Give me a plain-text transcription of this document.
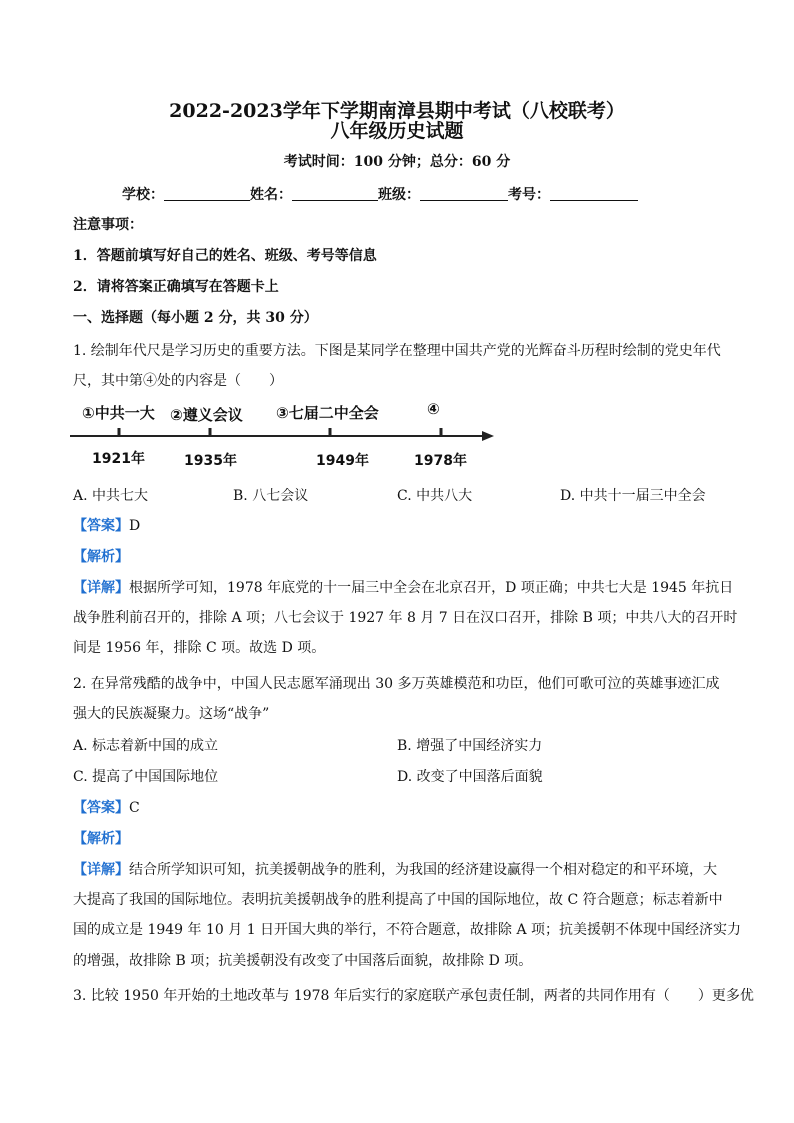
2022-2023学年下学期南漳县期中考试（八校联考）
八年级历史试题
考试时间：100 分钟；总分：60 分
学校：	姓名：	班级：	考号：
注意事项：
1．答题前填写好自己的姓名、班级、考号等信息
2．请将答案正确填写在答题卡上
一、选择题（每小题 2 分，共 30 分）
1. 绘制年代尺是学习历史的重要方法。下图是某同学在整理中国共产党的光辉奋斗历程时绘制的党史年代
尺，其中第④处的内容是（　　）
①中共一大 ②遵义会议 ③七届二中全会	④
1921年	1935年	1949年	1978年
A. 中共七大	B. 八七会议	C. 中共八大	D. 中共十一届三中全会
【答案】D
【解析】
【详解】根据所学可知，1978 年底党的十一届三中全会在北京召开，D 项正确；中共七大是 1945 年抗日
战争胜利前召开的，排除 A 项；八七会议于 1927 年 8 月 7 日在汉口召开，排除 B 项；中共八大的召开时
间是 1956 年，排除 C 项。故选 D 项。
2. 在异常残酷的战争中，中国人民志愿军涌现出 30 多万英雄模范和功臣，他们可歌可泣的英雄事迹汇成
强大的民族凝聚力。这场“战争”
A. 标志着新中国的成立	B. 增强了中国经济实力
C. 提高了中国国际地位	D. 改变了中国落后面貌
【答案】C
【解析】
【详解】结合所学知识可知，抗美援朝战争的胜利，为我国的经济建设赢得一个相对稳定的和平环境，大
大提高了我国的国际地位。表明抗美援朝战争的胜利提高了中国的国际地位，故 C 符合题意；标志着新中
国的成立是 1949 年 10 月 1 日开国大典的举行，不符合题意，故排除 A 项；抗美援朝不体现中国经济实力
的增强，故排除 B 项；抗美援朝没有改变了中国落后面貌，故排除 D 项。
3. 比较 1950 年开始的土地改革与 1978 年后实行的家庭联产承包责任制，两者的共同作用有（　　）更多优
